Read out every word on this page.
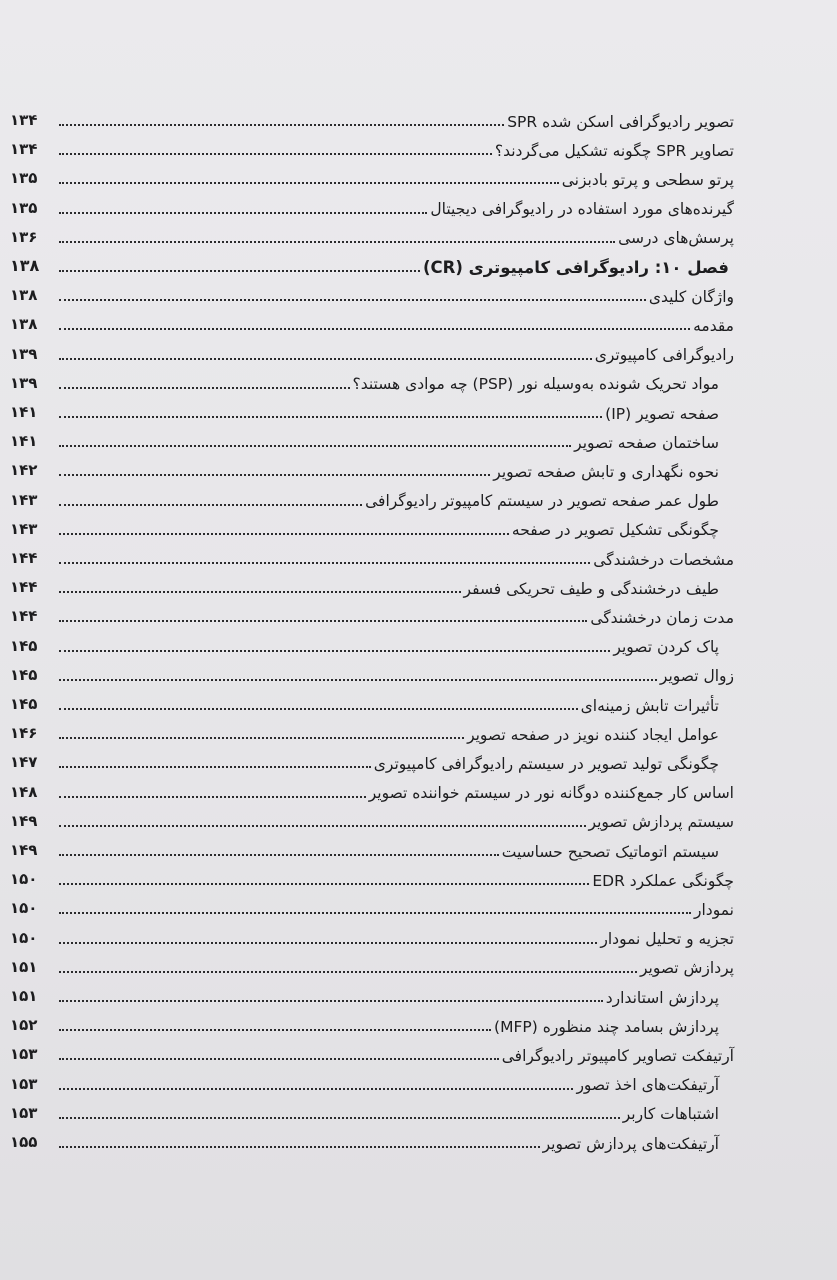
۱۳۴	تصویر رادیوگرافی اسکن شده SPR
۱۳۴	تصاویر SPR چگونه تشکیل می‌گردند؟
۱۳۵	پرتو سطحی و پرتو بادبزنی
۱۳۵	گیرنده‌های مورد استفاده در رادیوگرافی دیجیتال
۱۳۶	پرسش‌های درسی
۱۳۸	فصل ۱۰: رادیوگرافی کامپیوتری (CR)
۱۳۸	واژگان کلیدی
۱۳۸	مقدمه
۱۳۹	رادیوگرافی کامپیوتری
۱۳۹	مواد تحریک شونده به‌وسیله نور (PSP) چه موادی هستند؟
۱۴۱	صفحه تصویر (IP)
۱۴۱	ساختمان صفحه تصویر
۱۴۲	نحوه نگهداری و تابش صفحه تصویر
۱۴۳	طول عمر صفحه تصویر در سیستم کامپیوتر رادیوگرافی
۱۴۳	چگونگی تشکیل تصویر در صفحه
۱۴۴	مشخصات درخشندگی
۱۴۴	طیف درخشندگی و طیف تحریکی فسفر
۱۴۴	مدت زمان درخشندگی
۱۴۵	پاک کردن تصویر
۱۴۵	زوال تصویر
۱۴۵	تأثیرات تابش زمینه‌ای
۱۴۶	عوامل ایجاد کننده نویز در صفحه تصویر
۱۴۷	چگونگی تولید تصویر در سیستم رادیوگرافی کامپیوتری
۱۴۸	اساس کار جمع‌کننده دوگانه نور در سیستم خواننده تصویر
۱۴۹	سیستم پردازش تصویر
۱۴۹	سیستم اتوماتیک تصحیح حساسیت
۱۵۰	چگونگی عملکرد EDR
۱۵۰	نمودار
۱۵۰	تجزیه و تحلیل نمودار
۱۵۱	پردازش تصویر
۱۵۱	پردازش استاندارد
۱۵۲	پردازش بسامد چند منظوره (MFP)
۱۵۳	آرتیفکت تصاویر کامپیوتر رادیوگرافی
۱۵۳	آرتیفکت‌های اخذ تصور
۱۵۳	اشتباهات کاربر
۱۵۵	آرتیفکت‌های پردازش تصویر
